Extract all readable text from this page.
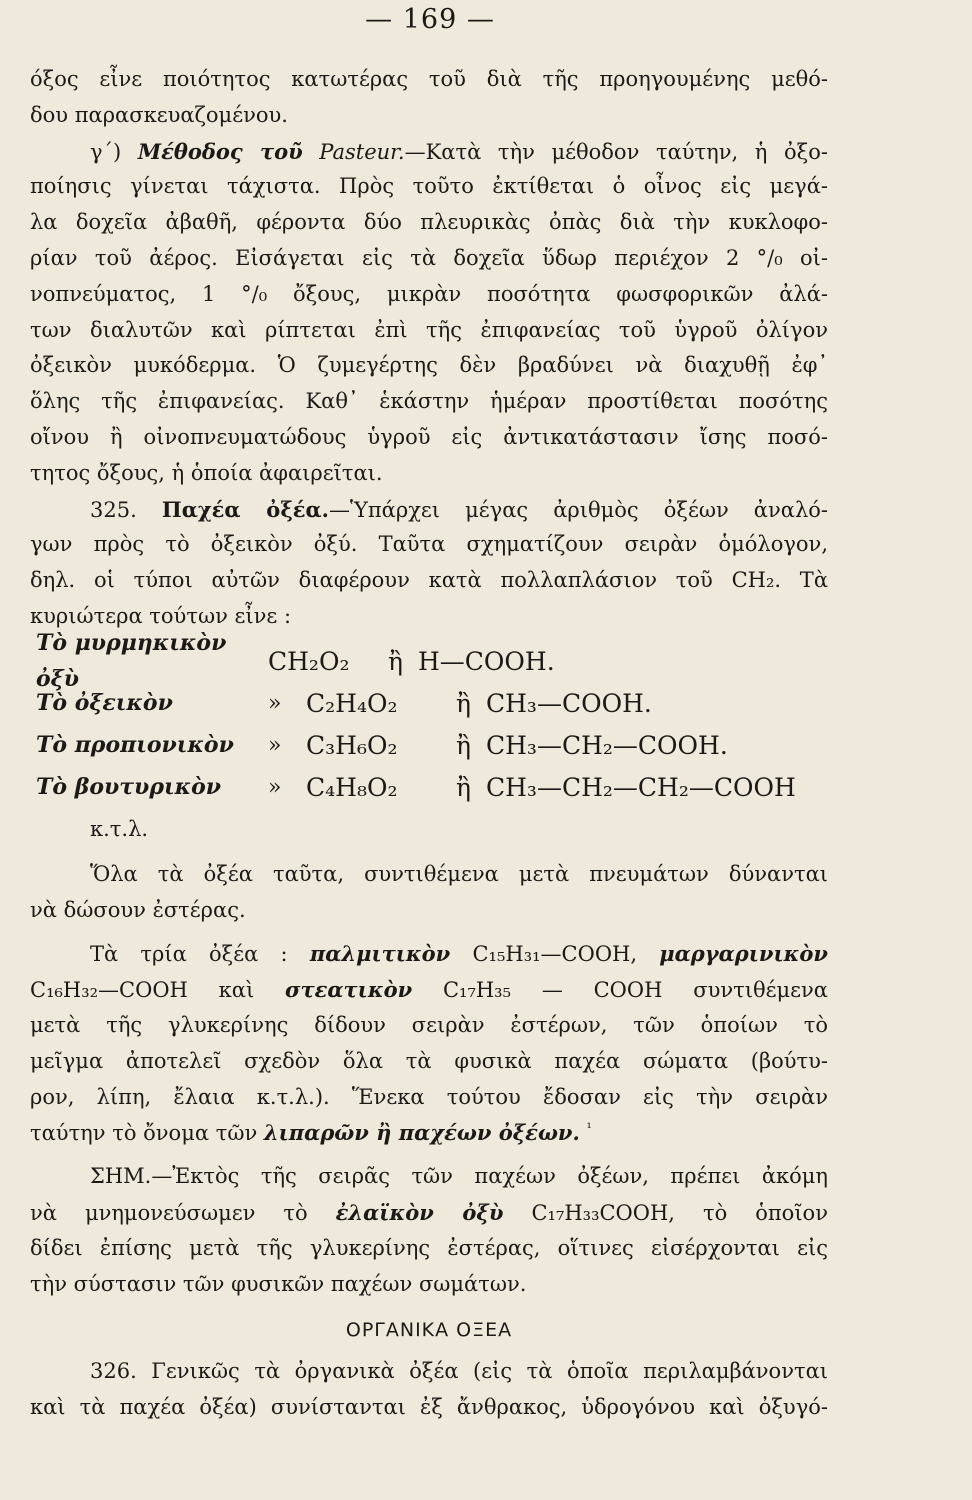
— 169 —
όξος εἶνε ποιότητος κατωτέρας τοῦ διὰ τῆς προηγουμένης μεθό-
δου παρασκευαζομένου.
γ´) Μέθοδος τοῦ Pasteur.—Κατὰ τὴν μέθοδον ταύτην, ἡ ὀξο-
ποίησις γίνεται τάχιστα. Πρὸς τοῦτο ἐκτίθεται ὁ οἶνος εἰς μεγά-
λα δοχεῖα ἀβαθῆ, φέροντα δύο πλευρικὰς ὀπὰς διὰ τὴν κυκλοφο-
ρίαν τοῦ ἀέρος. Εἰσάγεται εἰς τὰ δοχεῖα ὕδωρ περιέχον 2 °/₀ οἰ-
νοπνεύματος, 1 °/₀ ὄξους, μικρὰν ποσότητα φωσφορικῶν ἀλά-
των διαλυτῶν καὶ ρίπτεται ἐπὶ τῆς ἐπιφανείας τοῦ ὑγροῦ ὀλίγον
ὀξεικὸν μυκόδερμα. Ὁ ζυμεγέρτης δὲν βραδύνει νὰ διαχυθῇ ἐφ᾽
ὅλης τῆς ἐπιφανείας. Καθ᾽ ἑκάστην ἡμέραν προστίθεται ποσότης
οἴνου ἢ οἰνοπνευματώδους ὑγροῦ εἰς ἀντικατάστασιν ἴσης ποσό-
τητος ὄξους, ἡ ὁποία ἀφαιρεῖται.
325. Παχέα ὀξέα.—Ὑπάρχει μέγας ἀριθμὸς ὀξέων ἀναλό-
γων πρὸς τὸ ὀξεικὸν ὀξύ. Ταῦτα σχηματίζουν σειρὰν ὁμόλογον,
δηλ. οἱ τύποι αὐτῶν διαφέρουν κατὰ πολλαπλάσιον τοῦ CH₂. Τὰ
κυριώτερα τούτων εἶνε :
Τὸ μυρμηκικὸν ὀξὺ
CH₂O₂	ἢ H—COOH.
Τὸ ὀξεικὸν	» C₂H₄O₂	ἢ CH₃—COOH.
Τὸ προπιονικὸν	» C₃H₆O₂	ἢ CH₃—CH₂—COOH.
Τὸ βουτυρικὸν	» C₄H₈O₂	ἢ CH₃—CH₂—CH₂—COOH
κ.τ.λ.
Ὅλα τὰ ὀξέα ταῦτα, συντιθέμενα μετὰ πνευμάτων δύνανται
νὰ δώσουν ἐστέρας.
Τὰ τρία ὀξέα : παλμιτικὸν C₁₅H₃₁—COOH, μαργαρινικὸν
C₁₆H₃₂—COOH καὶ στεατικὸν C₁₇H₃₅ — COOH συντιθέμενα
μετὰ τῆς γλυκερίνης δίδουν σειρὰν ἐστέρων, τῶν ὁποίων τὸ
μεῖγμα ἀποτελεῖ σχεδὸν ὅλα τὰ φυσικὰ παχέα σώματα (βούτυ-
ρον, λίπη, ἔλαια κ.τ.λ.). Ἕνεκα τούτου ἔδοσαν εἰς τὴν σειρὰν
ταύτην τὸ ὄνομα τῶν λιπαρῶν ἢ παχέων ὀξέων. $^{^1}$
ΣΗΜ.—Ἐκτὸς τῆς σειρᾶς τῶν παχέων ὀξέων, πρέπει ἀκόμη
νὰ μνημονεύσωμεν τὸ ἐλαϊκὸν ὀξὺ C₁₇H₃₃COOH, τὸ ὁποῖον
δίδει ἐπίσης μετὰ τῆς γλυκερίνης ἐστέρας, οἵτινες εἰσέρχονται εἰς
τὴν σύστασιν τῶν φυσικῶν παχέων σωμάτων.
ΟΡΓΑΝΙΚΑ ΟΞΕΑ
326. Γενικῶς τὰ ὀργανικὰ ὀξέα (εἰς τὰ ὁποῖα περιλαμβάνονται
καὶ τὰ παχέα ὀξέα) συνίστανται ἐξ ἄνθρακος, ὑδρογόνου καὶ ὀξυγό-
